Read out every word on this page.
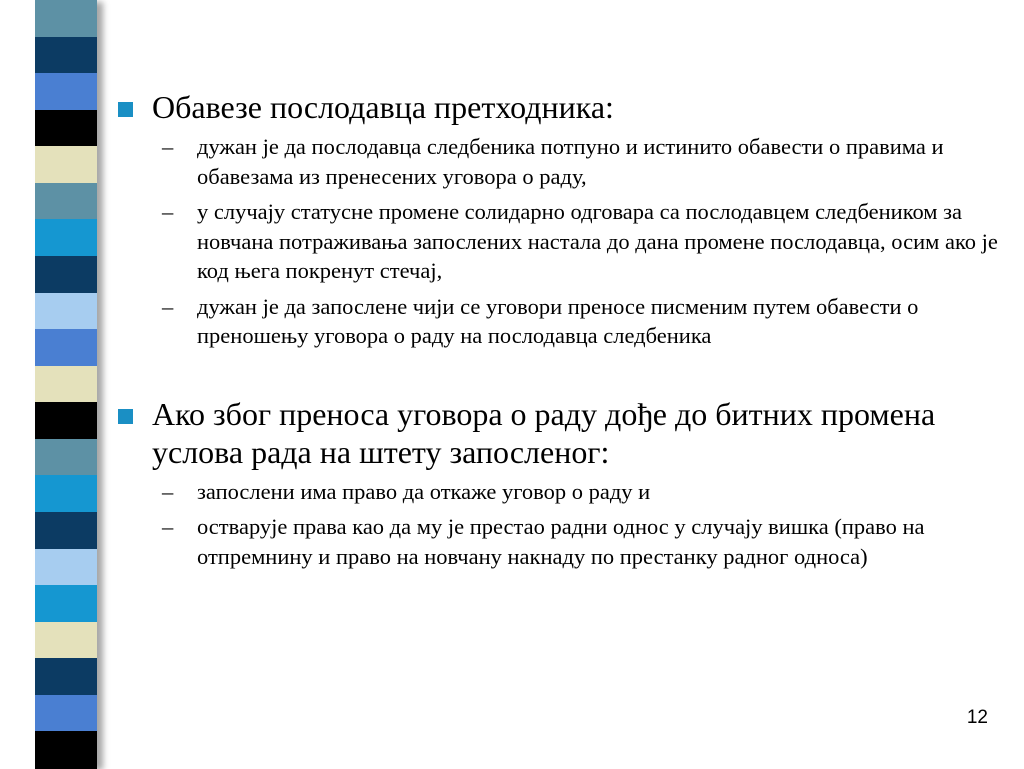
Обавезе послодавца претходника:
– дужан је да послодавца следбеника потпуно и истинито обавести о правима и обавезама из пренесених уговора о раду,
– у случају статусне промене солидарно одговара са послодавцем следбеником за новчана потраживања запослених настала до дана промене послодавца, осим ако је код њега покренут стечај,
– дужан је да запослене чији се уговори преносе писменим путем обавести о преношењу уговора о раду на послодавца следбеника
Ако због преноса уговора о раду дође до битних промена услова рада на штету запосленог:
– запослени има право да откаже уговор о раду и
– остварује права као да му је престао радни однос у случају вишка (право на отпремнину и право на новчану накнаду по престанку радног односа)
12
